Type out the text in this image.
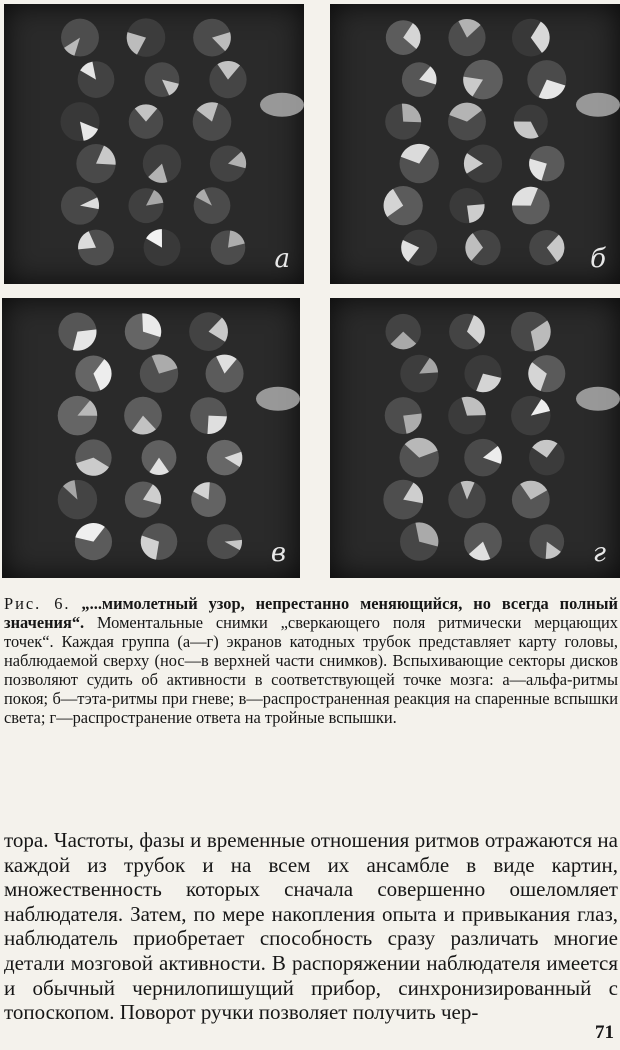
а	б
в	г
Рис. 6. „...мимолетный узор, непрестанно меняющийся, но всегда полный значения“. Моментальные снимки „сверкающего поля ритмически мерцающих точек“. Каждая группа (а—г) экранов катодных трубок представляет карту головы, наблюдаемой сверху (нос—в верхней части снимков). Вспыхивающие секторы дисков позволяют судить об активности в соответствующей точке мозга: а—альфа-ритмы покоя; б—тэта-ритмы при гневе; в—распространенная реакция на спаренные вспышки света; г—распространение ответа на тройные вспышки.
тора. Частоты, фазы и временные отношения ритмов отражаются на каждой из трубок и на всем их ансамбле в виде картин, множественность которых сначала совершенно ошеломляет наблюдателя. Затем, по мере накопления опыта и привыкания глаз, наблюдатель приобретает способность сразу различать многие детали мозговой активности. В распоряжении наблюдателя имеется и обычный чернилопишущий прибор, синхронизированный с топоскопом. Поворот ручки позволяет получить чер-
71
